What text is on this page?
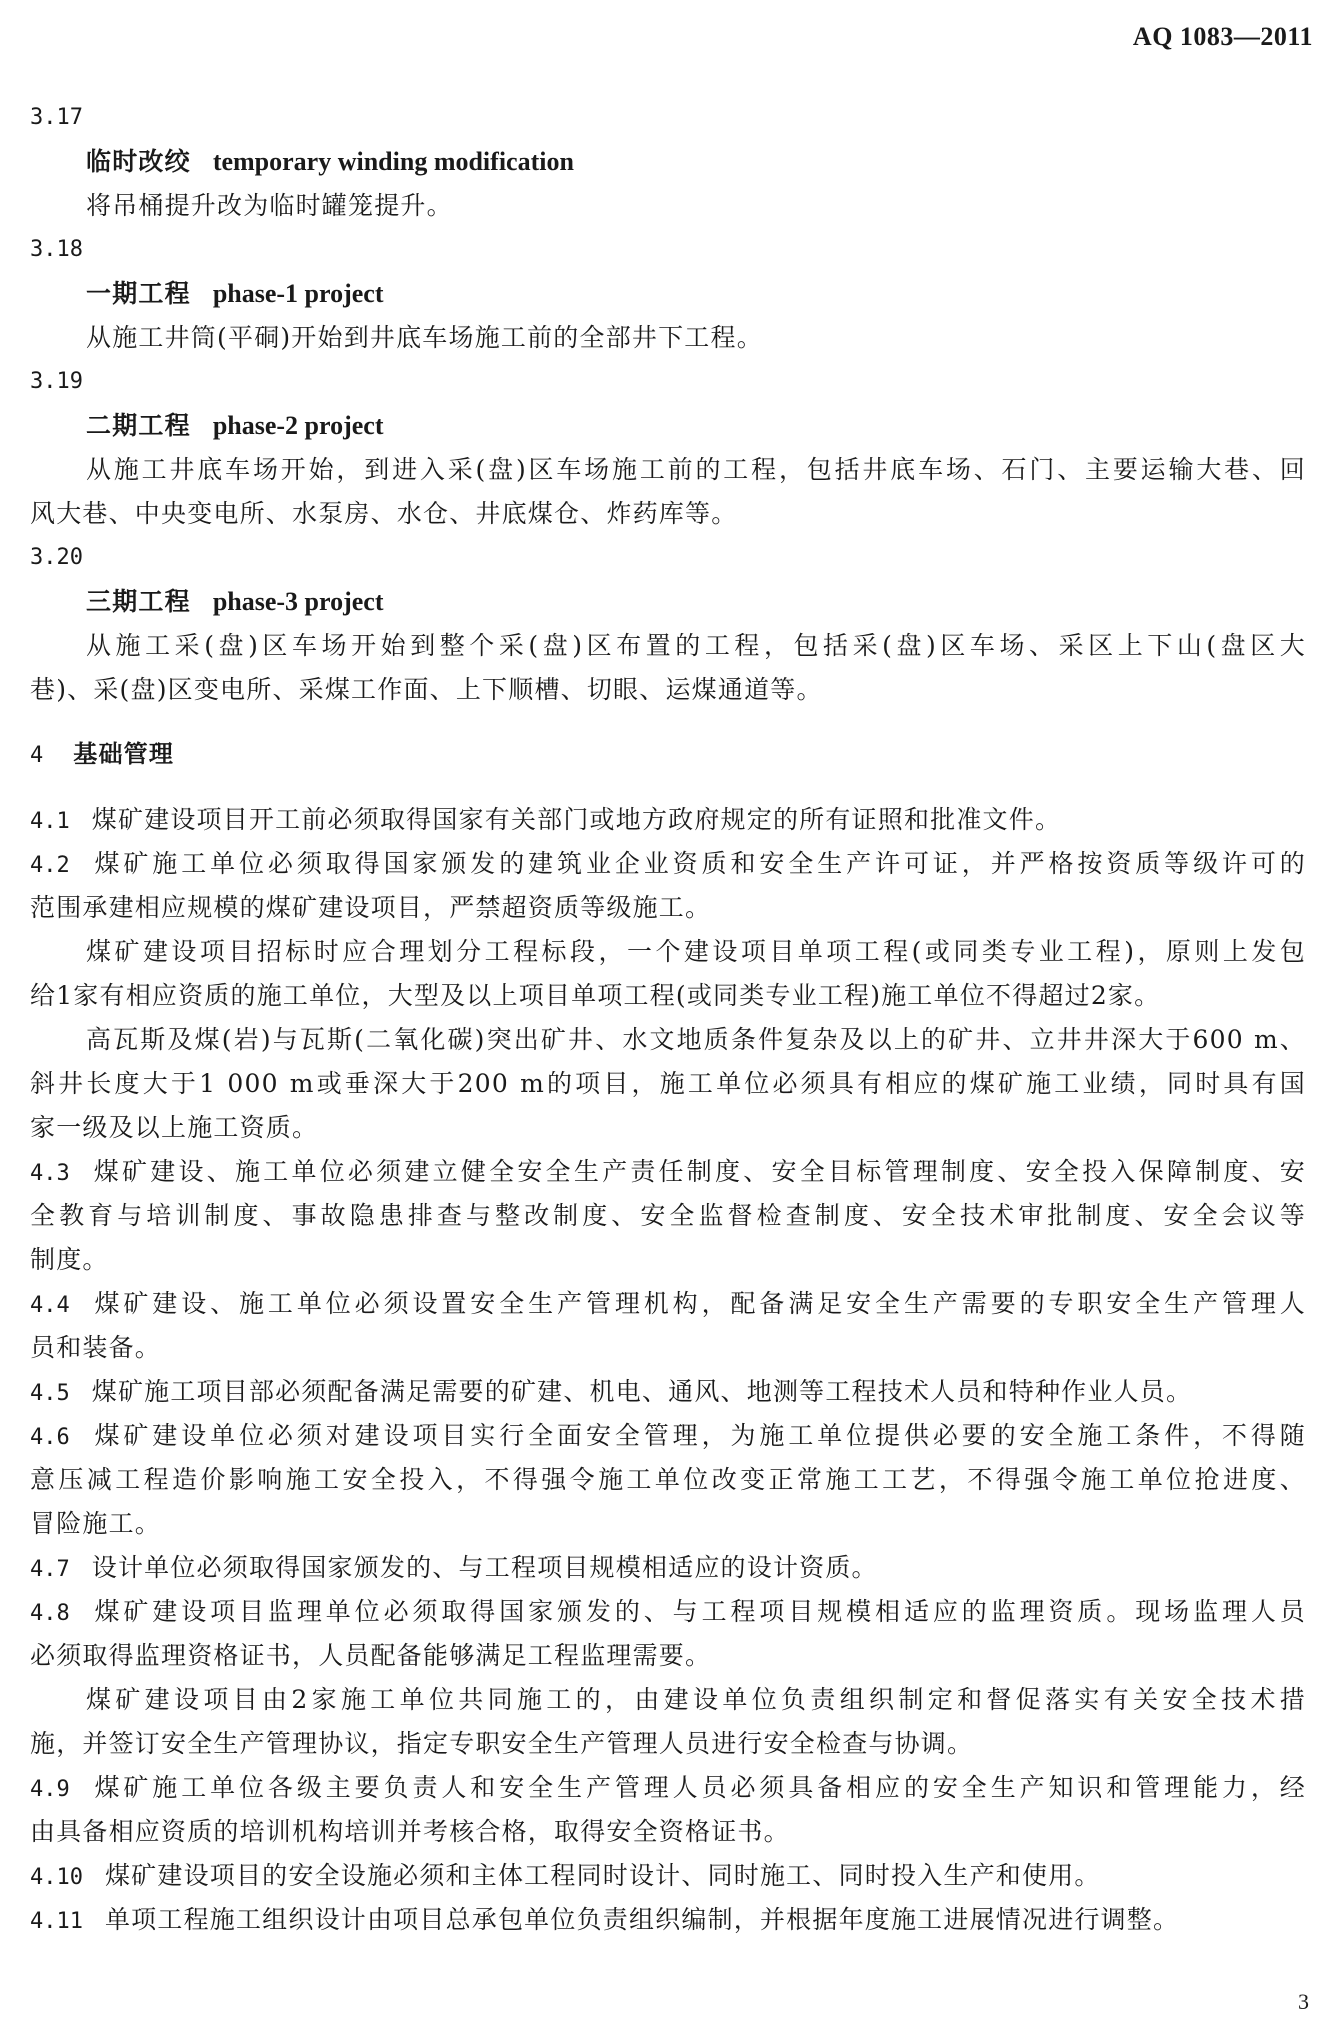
AQ 1083—2011
3.17
临时改绞 temporary winding modification
将吊桶提升改为临时罐笼提升。
3.18
一期工程 phase-1 project
从施工井筒(平硐)开始到井底车场施工前的全部井下工程。
3.19
二期工程 phase-2 project
从施工井底车场开始，到进入采(盘)区车场施工前的工程，包括井底车场、石门、主要运输大巷、回
风大巷、中央变电所、水泵房、水仓、井底煤仓、炸药库等。
3.20
三期工程 phase-3 project
从施工采(盘)区车场开始到整个采(盘)区布置的工程，包括采(盘)区车场、采区上下山(盘区大
巷)、采(盘)区变电所、采煤工作面、上下顺槽、切眼、运煤通道等。
4 基础管理
4.1 煤矿建设项目开工前必须取得国家有关部门或地方政府规定的所有证照和批准文件。
4.2 煤矿施工单位必须取得国家颁发的建筑业企业资质和安全生产许可证，并严格按资质等级许可的
范围承建相应规模的煤矿建设项目，严禁超资质等级施工。
煤矿建设项目招标时应合理划分工程标段，一个建设项目单项工程(或同类专业工程)，原则上发包
给1家有相应资质的施工单位，大型及以上项目单项工程(或同类专业工程)施工单位不得超过2家。
高瓦斯及煤(岩)与瓦斯(二氧化碳)突出矿井、水文地质条件复杂及以上的矿井、立井井深大于600 m、
斜井长度大于1 000 m或垂深大于200 m的项目，施工单位必须具有相应的煤矿施工业绩，同时具有国
家一级及以上施工资质。
4.3 煤矿建设、施工单位必须建立健全安全生产责任制度、安全目标管理制度、安全投入保障制度、安
全教育与培训制度、事故隐患排查与整改制度、安全监督检查制度、安全技术审批制度、安全会议等
制度。
4.4 煤矿建设、施工单位必须设置安全生产管理机构，配备满足安全生产需要的专职安全生产管理人
员和装备。
4.5 煤矿施工项目部必须配备满足需要的矿建、机电、通风、地测等工程技术人员和特种作业人员。
4.6 煤矿建设单位必须对建设项目实行全面安全管理，为施工单位提供必要的安全施工条件，不得随
意压减工程造价影响施工安全投入，不得强令施工单位改变正常施工工艺，不得强令施工单位抢进度、
冒险施工。
4.7 设计单位必须取得国家颁发的、与工程项目规模相适应的设计资质。
4.8 煤矿建设项目监理单位必须取得国家颁发的、与工程项目规模相适应的监理资质。现场监理人员
必须取得监理资格证书，人员配备能够满足工程监理需要。
煤矿建设项目由2家施工单位共同施工的，由建设单位负责组织制定和督促落实有关安全技术措
施，并签订安全生产管理协议，指定专职安全生产管理人员进行安全检查与协调。
4.9 煤矿施工单位各级主要负责人和安全生产管理人员必须具备相应的安全生产知识和管理能力，经
由具备相应资质的培训机构培训并考核合格，取得安全资格证书。
4.10 煤矿建设项目的安全设施必须和主体工程同时设计、同时施工、同时投入生产和使用。
4.11 单项工程施工组织设计由项目总承包单位负责组织编制，并根据年度施工进展情况进行调整。
3
